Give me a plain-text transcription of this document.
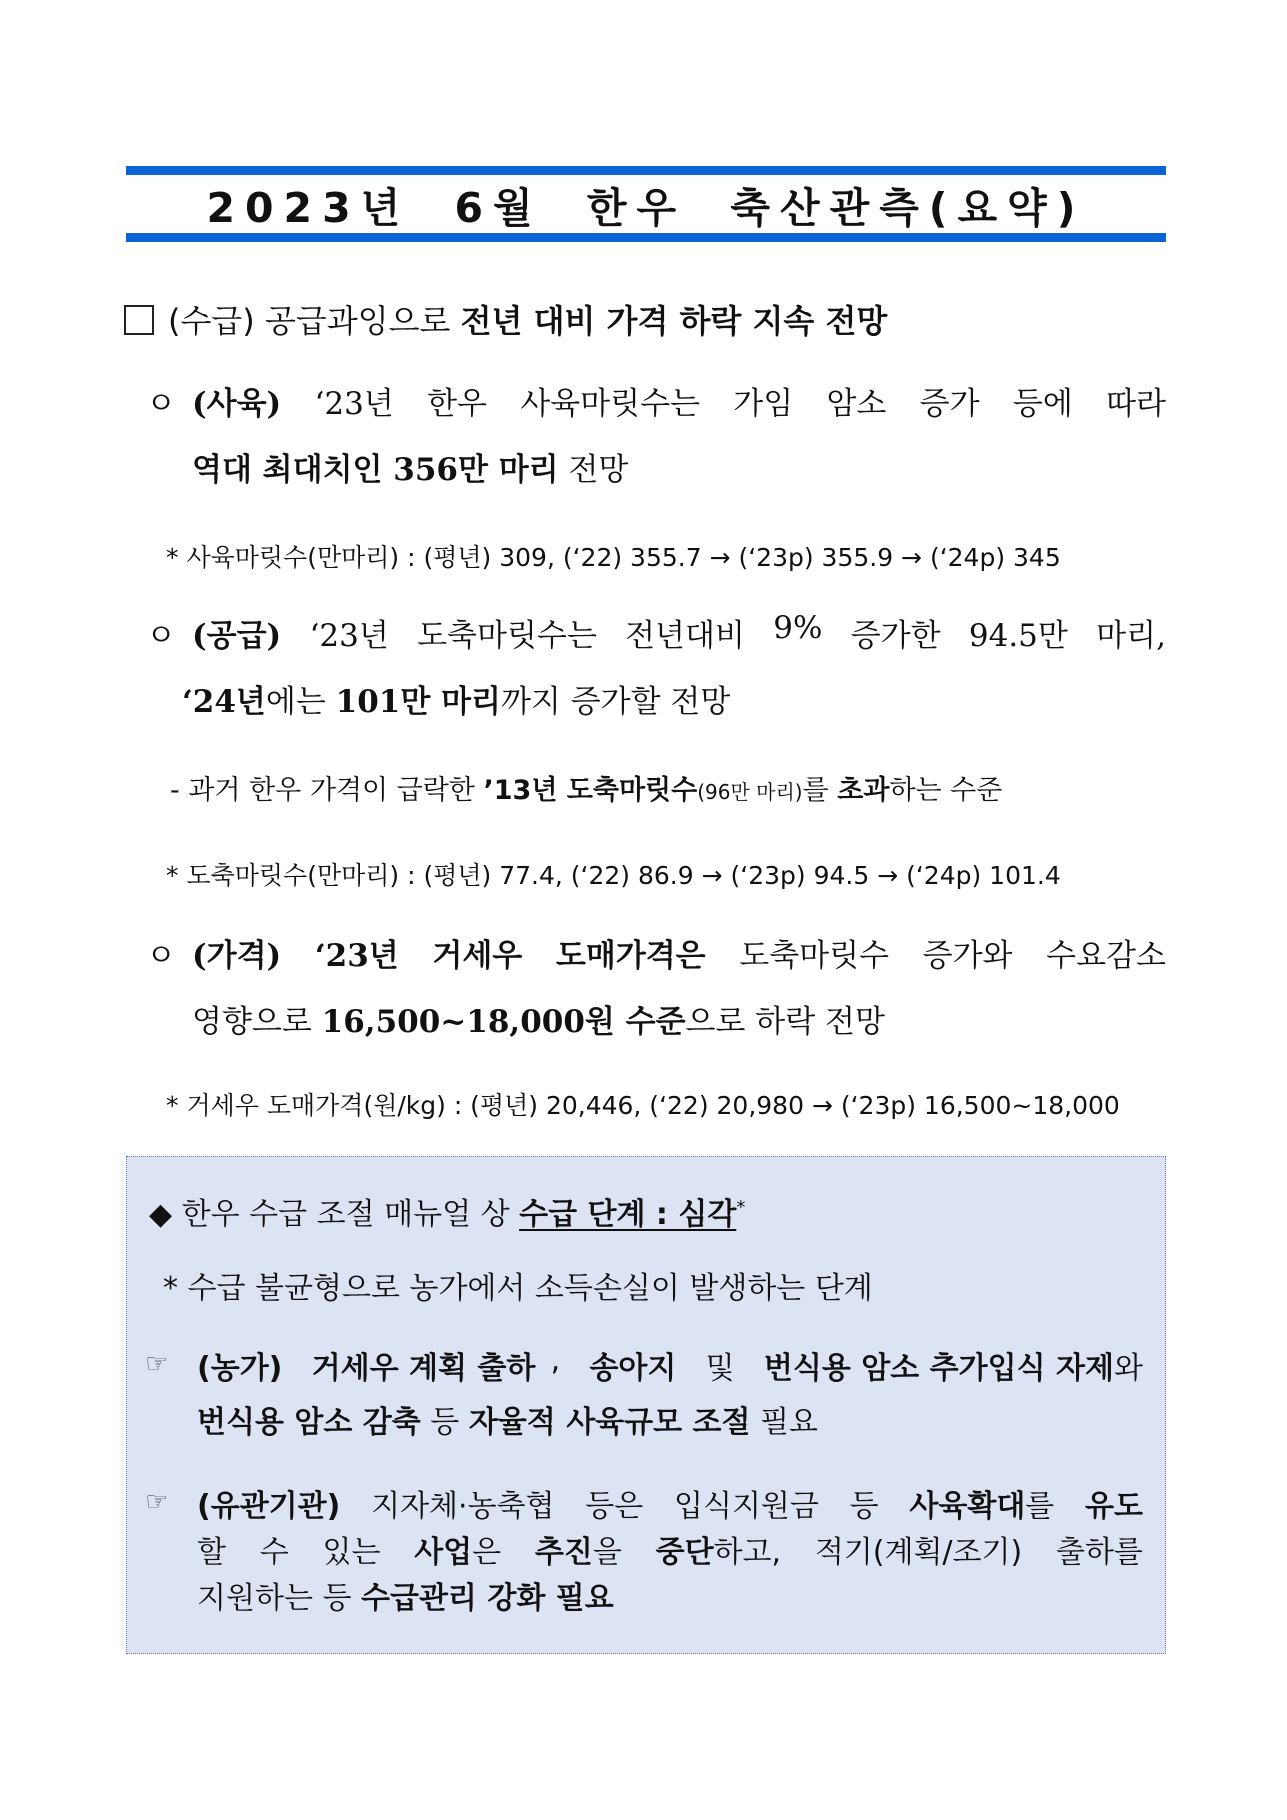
2023년 6월 한우 축산관측(요약)
(수급) 공급과잉으로 전년 대비 가격 하락 지속 전망
ㅇ (사육) ‘23년 한우 사육마릿수는 가임 암소 증가 등에 따라
역대 최대치인 356만 마리 전망
* 사육마릿수(만마리) : (평년) 309, (‘22) 355.7 → (‘23p) 355.9 → (‘24p) 345
ㅇ (공급) ‘23년 도축마릿수는 전년대비 9% 증가한 94.5만 마리,
‘24년에는 101만 마리까지 증가할 전망
- 과거 한우 가격이 급락한 ’13년 도축마릿수(96만 마리)를 초과하는 수준
* 도축마릿수(만마리) : (평년) 77.4, (‘22) 86.9 → (‘23p) 94.5 → (‘24p) 101.4
ㅇ (가격) ‘23년 거세우 도매가격은 도축마릿수 증가와 수요감소
영향으로 16,500~18,000원 수준으로 하락 전망
* 거세우 도매가격(원/kg) : (평년) 20,446, (‘22) 20,980 → (‘23p) 16,500~18,000
◆ 한우 수급 조절 매뉴얼 상 수급 단계 : 심각*
* 수급 불균형으로 농가에서 소득손실이 발생하는 단계
☞ (농가) 거세우 계획 출하 , 송아지 및 번식용 암소 추가입식 자제와
번식용 암소 감축 등 자율적 사육규모 조절 필요
☞ (유관기관) 지자체·농축협 등은 입식지원금 등 사육확대를 유도
할 수 있는 사업은 추진을 중단하고, 적기(계획/조기) 출하를
지원하는 등 수급관리 강화 필요
